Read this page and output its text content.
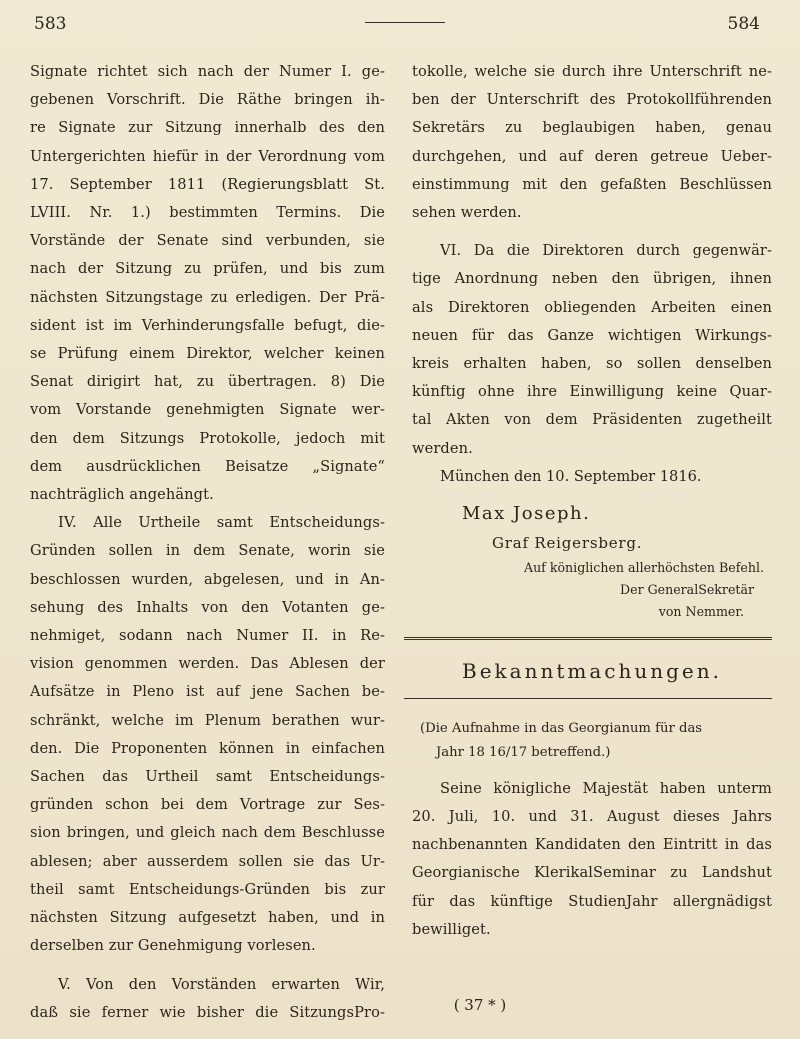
583	584
Signate richtet sich nach der Numer I. ge-
gebenen Vorschrift. Die Räthe bringen ih-
re Signate zur Sitzung innerhalb des den
Untergerichten hiefür in der Verordnung vom
17. September 1811 (Regierungsblatt St.
LVIII. Nr. 1.) bestimmten Termins. Die
Vorstände der Senate sind verbunden, sie
nach der Sitzung zu prüfen, und bis zum
nächsten Sitzungstage zu erledigen. Der Prä-
sident ist im Verhinderungsfalle befugt, die-
se Prüfung einem Direktor, welcher keinen
Senat dirigirt hat, zu übertragen. 8) Die
vom Vorstande genehmigten Signate wer-
den dem Sitzungs Protokolle, jedoch mit
dem ausdrücklichen Beisatze „Signate“
nachträglich angehängt.
IV. Alle Urtheile samt Entscheidungs-
Gründen sollen in dem Senate, worin sie
beschlossen wurden, abgelesen, und in An-
sehung des Inhalts von den Votanten ge-
nehmiget, sodann nach Numer II. in Re-
vision genommen werden. Das Ablesen der
Aufsätze in Pleno ist auf jene Sachen be-
schränkt, welche im Plenum berathen wur-
den. Die Proponenten können in einfachen
Sachen das Urtheil samt Entscheidungs-
gründen schon bei dem Vortrage zur Ses-
sion bringen, und gleich nach dem Beschlusse
ablesen; aber ausserdem sollen sie das Ur-
theil samt Entscheidungs-Gründen bis zur
nächsten Sitzung aufgesetzt haben, und in
derselben zur Genehmigung vorlesen.
V. Von den Vorständen erwarten Wir,
daß sie ferner wie bisher die SitzungsPro-
tokolle, welche sie durch ihre Unterschrift ne-
ben der Unterschrift des Protokollführenden
Sekretärs zu beglaubigen haben, genau
durchgehen, und auf deren getreue Ueber-
einstimmung mit den gefaßten Beschlüssen
sehen werden.
VI. Da die Direktoren durch gegenwär-
tige Anordnung neben den übrigen, ihnen
als Direktoren obliegenden Arbeiten einen
neuen für das Ganze wichtigen Wirkungs-
kreis erhalten haben, so sollen denselben
künftig ohne ihre Einwilligung keine Quar-
tal Akten von dem Präsidenten zugetheilt
werden.
München den 10. September 1816.
Max Joseph.
Graf Reigersberg.
Auf königlichen allerhöchsten Befehl.
Der GeneralSekretär
von Nemmer.
Bekanntmachungen.
(Die Aufnahme in das Georgianum für das
Jahr 18 16/17 betreffend.)
Seine königliche Majestät haben unterm
20. Juli, 10. und 31. August dieses Jahrs
nachbenannten Kandidaten den Eintritt in das
Georgianische KlerikalSeminar zu Landshut
für das künftige StudienJahr allergnädigst
bewilliget.
( 37 * )
